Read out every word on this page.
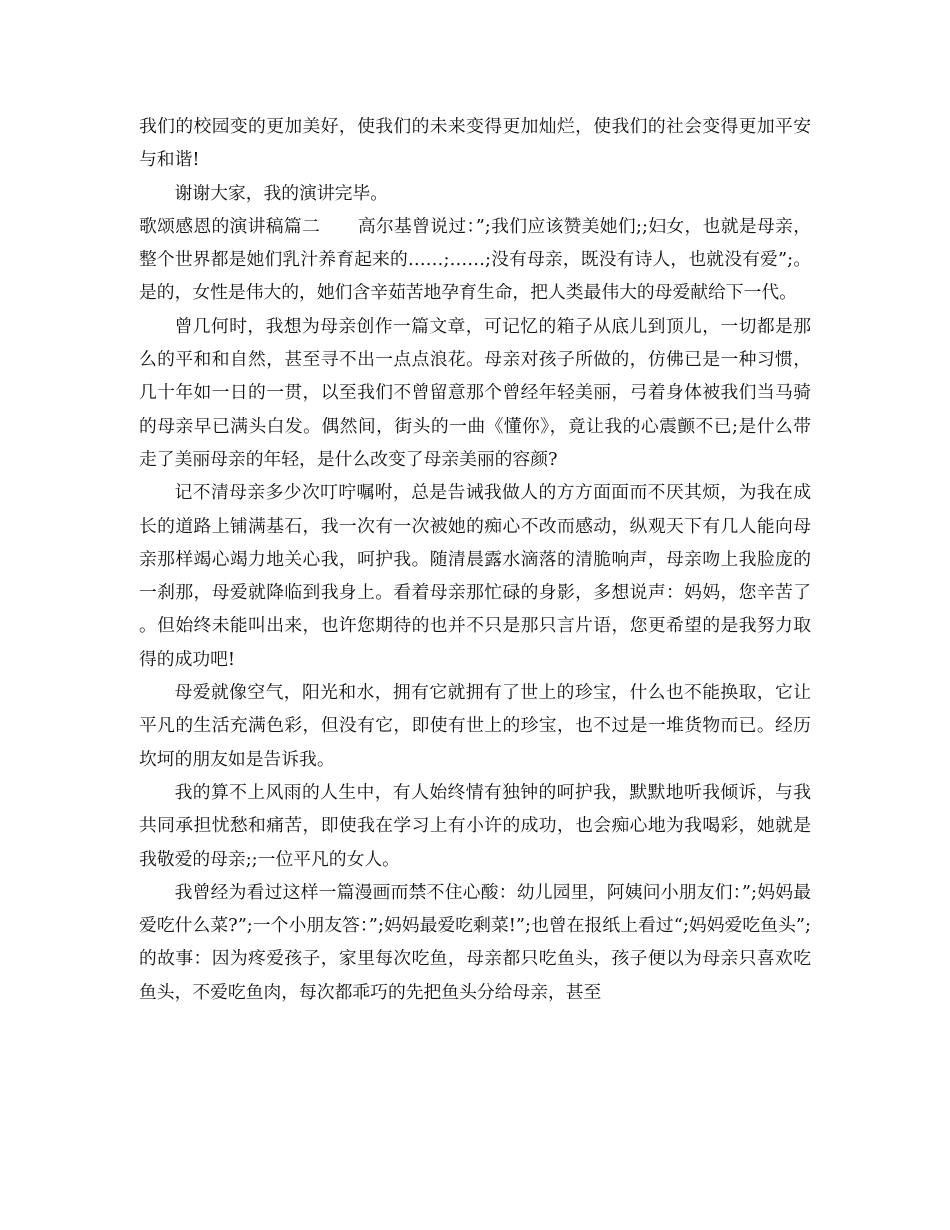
我们的校园变的更加美好，使我们的未来变得更加灿烂，使我们的社会变得更加平安与和谐!

谢谢大家，我的演讲完毕。

歌颂感恩的演讲稿篇二 高尔基曾说过：”;我们应该赞美她们;;妇女，也就是母亲，整个世界都是她们乳汁养育起来的……;……;没有母亲，既没有诗人，也就没有爱”;。是的，女性是伟大的，她们含辛茹苦地孕育生命，把人类最伟大的母爱献给下一代。

曾几何时，我想为母亲创作一篇文章，可记忆的箱子从底儿到顶儿，一切都是那么的平和和自然，甚至寻不出一点点浪花。母亲对孩子所做的，仿佛已是一种习惯，几十年如一日的一贯，以至我们不曾留意那个曾经年轻美丽，弓着身体被我们当马骑的母亲早已满头白发。偶然间，街头的一曲《懂你》，竟让我的心震颤不已;是什么带走了美丽母亲的年轻，是什么改变了母亲美丽的容颜?

记不清母亲多少次叮咛嘱咐，总是告诫我做人的方方面面而不厌其烦，为我在成长的道路上铺满基石，我一次有一次被她的痴心不改而感动，纵观天下有几人能向母亲那样竭心竭力地关心我，呵护我。随清晨露水滴落的清脆响声，母亲吻上我脸庞的一刹那，母爱就降临到我身上。看着母亲那忙碌的身影，多想说声：妈妈，您辛苦了。但始终未能叫出来，也许您期待的也并不只是那只言片语，您更希望的是我努力取得的成功吧!

母爱就像空气，阳光和水，拥有它就拥有了世上的珍宝，什么也不能换取，它让平凡的生活充满色彩，但没有它，即使有世上的珍宝，也不过是一堆货物而已。经历坎坷的朋友如是告诉我。

我的算不上风雨的人生中，有人始终情有独钟的呵护我，默默地听我倾诉，与我共同承担忧愁和痛苦，即使我在学习上有小许的成功，也会痴心地为我喝彩，她就是我敬爱的母亲;;一位平凡的女人。

我曾经为看过这样一篇漫画而禁不住心酸：幼儿园里，阿姨问小朋友们：”;妈妈最爱吃什么菜?”;一个小朋友答：”;妈妈最爱吃剩菜!”;也曾在报纸上看过“;妈妈爱吃鱼头”;的故事：因为疼爱孩子，家里每次吃鱼，母亲都只吃鱼头，孩子便以为母亲只喜欢吃鱼头，不爱吃鱼肉，每次都乖巧的先把鱼头分给母亲，甚至
